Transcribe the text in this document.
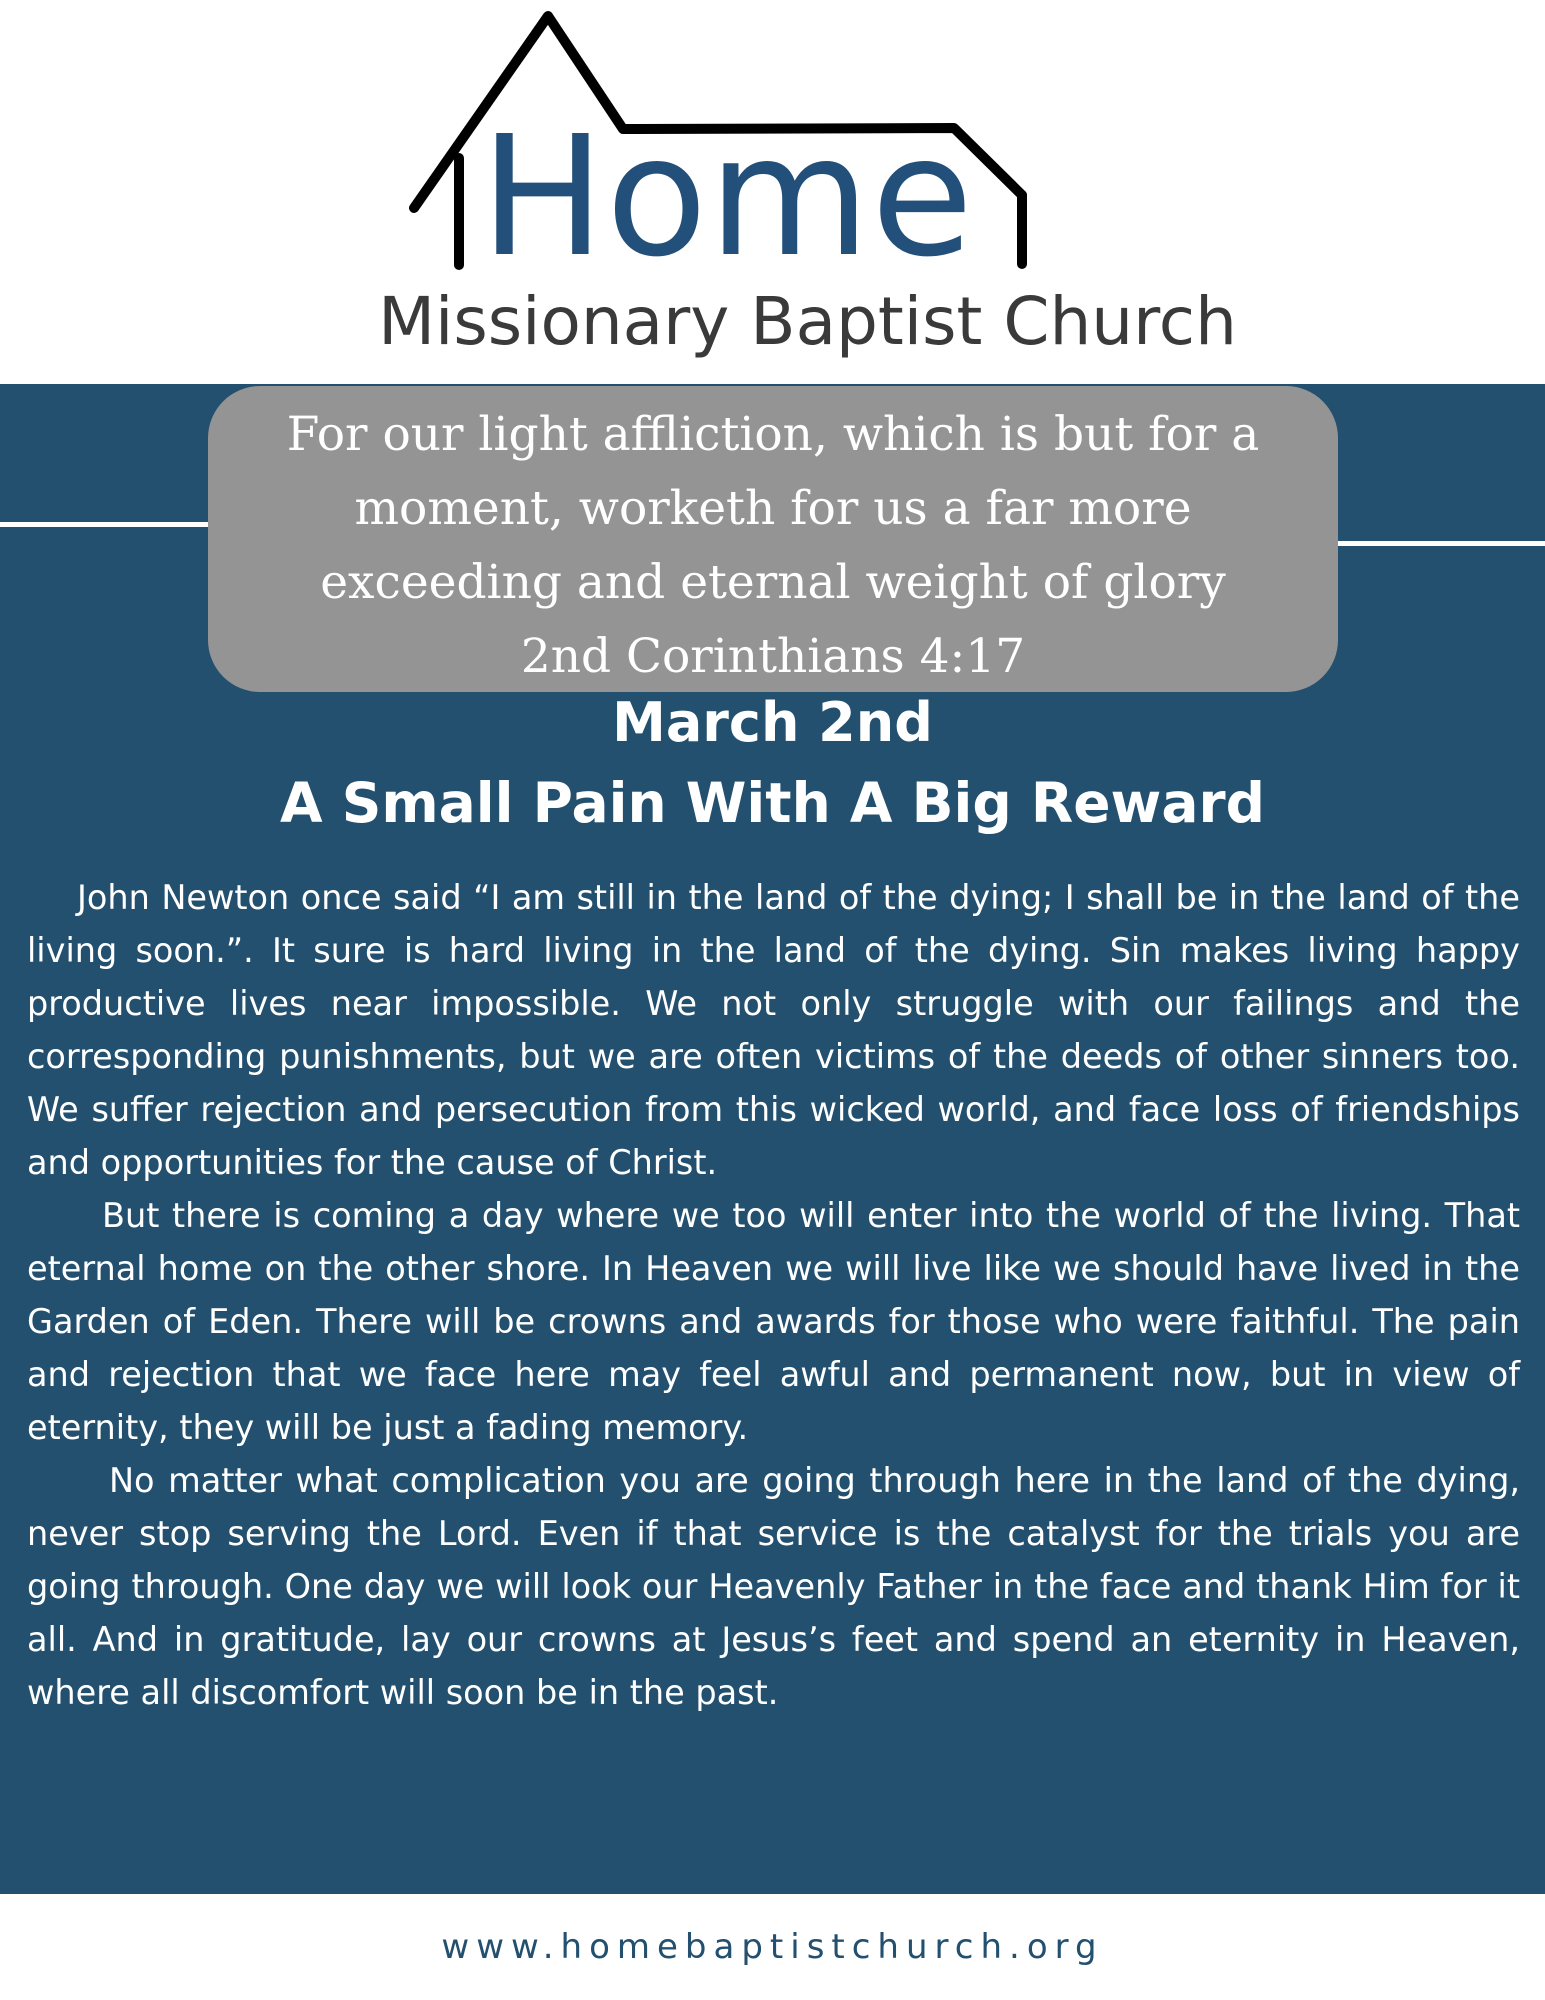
Home
Missionary Baptist Church
For our light affliction, which is but for a
moment, worketh for us a far more
exceeding and eternal weight of glory
2nd Corinthians 4:17
March 2nd
A Small Pain With A Big Reward
John Newton once said “I am still in the land of the dying; I shall be in the land of the living soon.”. It sure is hard living in the land of the dying. Sin makes living happy productive lives near impossible. We not only struggle with our failings and the corresponding punishments, but we are often victims of the deeds of other sinners too. We suffer rejection and persecution from this wicked world, and face loss of friendships and opportunities for the cause of Christ.
But there is coming a day where we too will enter into the world of the living. That eternal home on the other shore. In Heaven we will live like we should have lived in the Garden of Eden. There will be crowns and awards for those who were faithful. The pain and rejection that we face here may feel awful and permanent now, but in view of eternity, they will be just a fading memory.
No matter what complication you are going through here in the land of the dying, never stop serving the Lord. Even if that service is the catalyst for the trials you are going through. One day we will look our Heavenly Father in the face and thank Him for it all. And in gratitude, lay our crowns at Jesus’s feet and spend an eternity in Heaven, where all discomfort will soon be in the past.
www.homebaptistchurch.org
